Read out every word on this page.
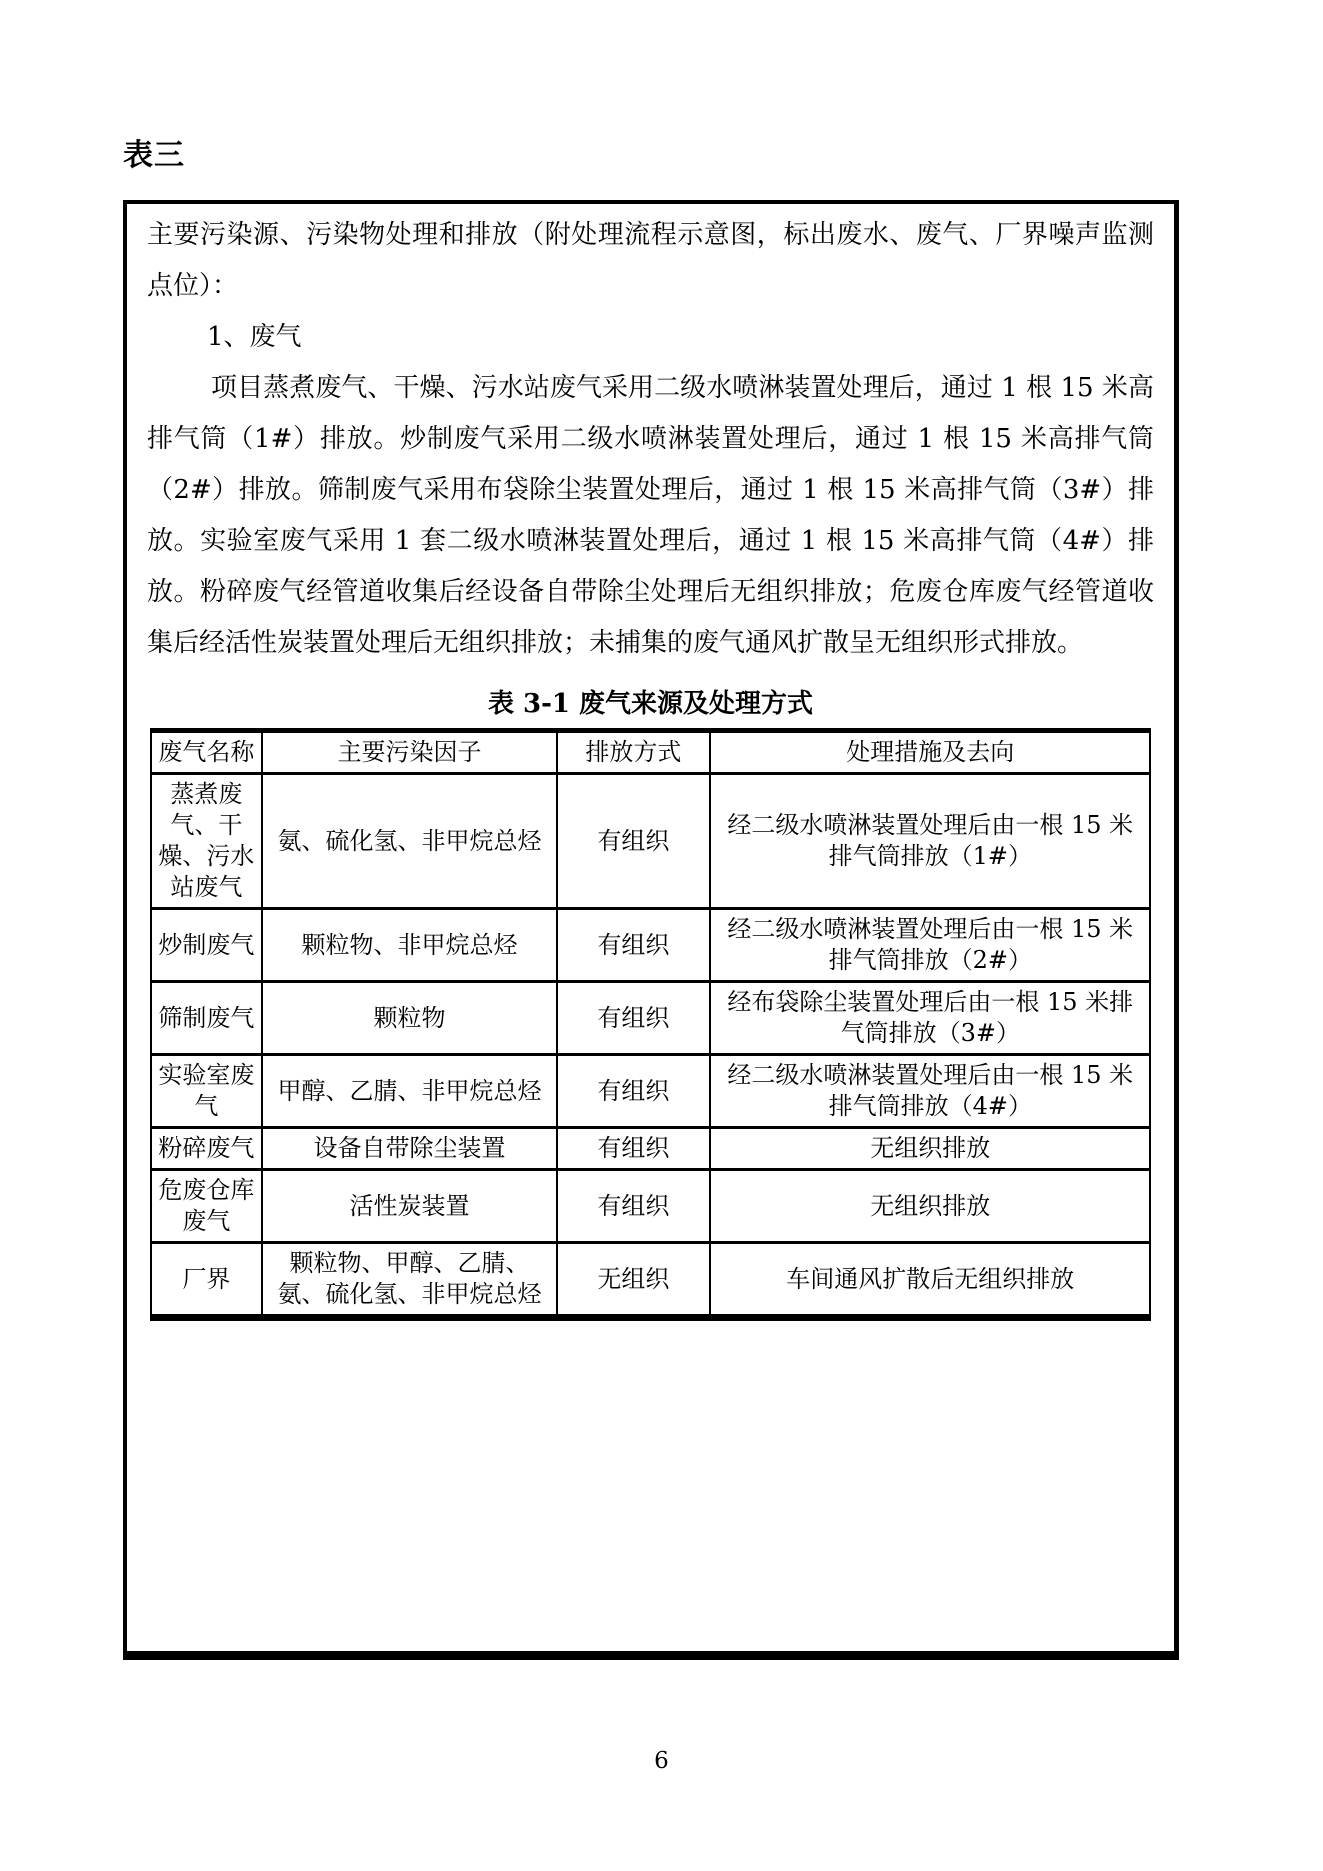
表三

主要污染源、污染物处理和排放（附处理流程示意图，标出废水、废气、厂界噪声监测点位）：

1、废气

项目蒸煮废气、干燥、污水站废气采用二级水喷淋装置处理后，通过 1 根 15 米高排气筒（1#）排放。炒制废气采用二级水喷淋装置处理后，通过 1 根 15 米高排气筒（2#）排放。筛制废气采用布袋除尘装置处理后，通过 1 根 15 米高排气筒（3#）排放。实验室废气采用 1 套二级水喷淋装置处理后，通过 1 根 15 米高排气筒（4#）排放。粉碎废气经管道收集后经设备自带除尘处理后无组织排放；危废仓库废气经管道收集后经活性炭装置处理后无组织排放；未捕集的废气通风扩散呈无组织形式排放。

表 3-1 废气来源及处理方式
废气名称	主要污染因子	排放方式	处理措施及去向
蒸煮废气、干燥、污水站废气	氨、硫化氢、非甲烷总烃	有组织	经二级水喷淋装置处理后由一根 15 米排气筒排放（1#）
炒制废气	颗粒物、非甲烷总烃	有组织	经二级水喷淋装置处理后由一根 15 米排气筒排放（2#）
筛制废气	颗粒物	有组织	经布袋除尘装置处理后由一根 15 米排气筒排放（3#）
实验室废气	甲醇、乙腈、非甲烷总烃	有组织	经二级水喷淋装置处理后由一根 15 米排气筒排放（4#）
粉碎废气	设备自带除尘装置	有组织	无组织排放
危废仓库废气	活性炭装置	有组织	无组织排放
厂界	颗粒物、甲醇、乙腈、氨、硫化氢、非甲烷总烃	无组织	车间通风扩散后无组织排放
6
